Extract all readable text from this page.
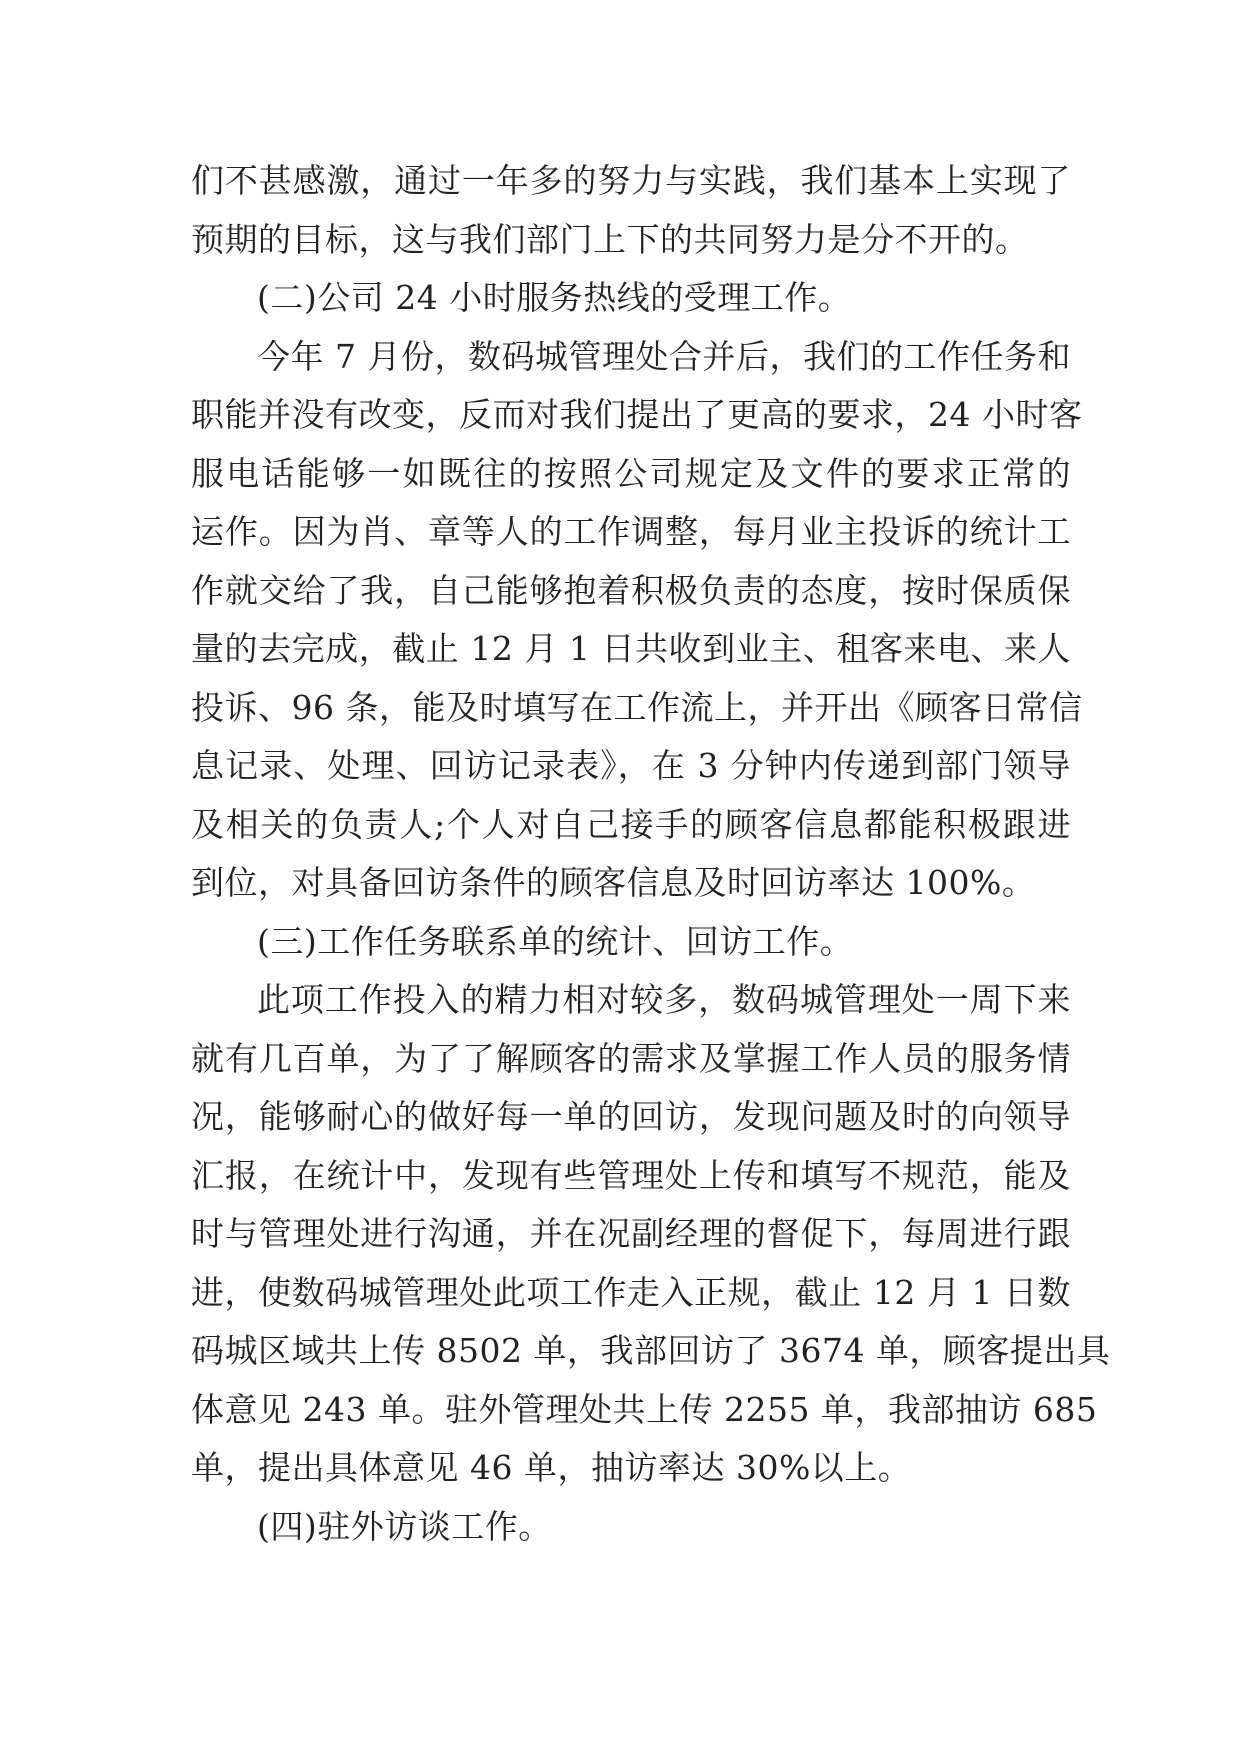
们不甚感激，通过一年多的努力与实践，我们基本上实现了
预期的目标，这与我们部门上下的共同努力是分不开的。
(二)公司 24 小时服务热线的受理工作。
今年 7 月份，数码城管理处合并后，我们的工作任务和
职能并没有改变，反而对我们提出了更高的要求，24 小时客
服电话能够一如既往的按照公司规定及文件的要求正常的
运作。因为肖、章等人的工作调整，每月业主投诉的统计工
作就交给了我，自己能够抱着积极负责的态度，按时保质保
量的去完成，截止 12 月 1 日共收到业主、租客来电、来人
投诉、96 条，能及时填写在工作流上，并开出《顾客日常信
息记录、处理、回访记录表》，在 3 分钟内传递到部门领导
及相关的负责人;个人对自己接手的顾客信息都能积极跟进
到位，对具备回访条件的顾客信息及时回访率达 100%。
(三)工作任务联系单的统计、回访工作。
此项工作投入的精力相对较多，数码城管理处一周下来
就有几百单，为了了解顾客的需求及掌握工作人员的服务情
况，能够耐心的做好每一单的回访，发现问题及时的向领导
汇报，在统计中，发现有些管理处上传和填写不规范，能及
时与管理处进行沟通，并在况副经理的督促下，每周进行跟
进，使数码城管理处此项工作走入正规，截止 12 月 1 日数
码城区域共上传 8502 单，我部回访了 3674 单，顾客提出具
体意见 243 单。驻外管理处共上传 2255 单，我部抽访 685
单，提出具体意见 46 单，抽访率达 30%以上。
(四)驻外访谈工作。
